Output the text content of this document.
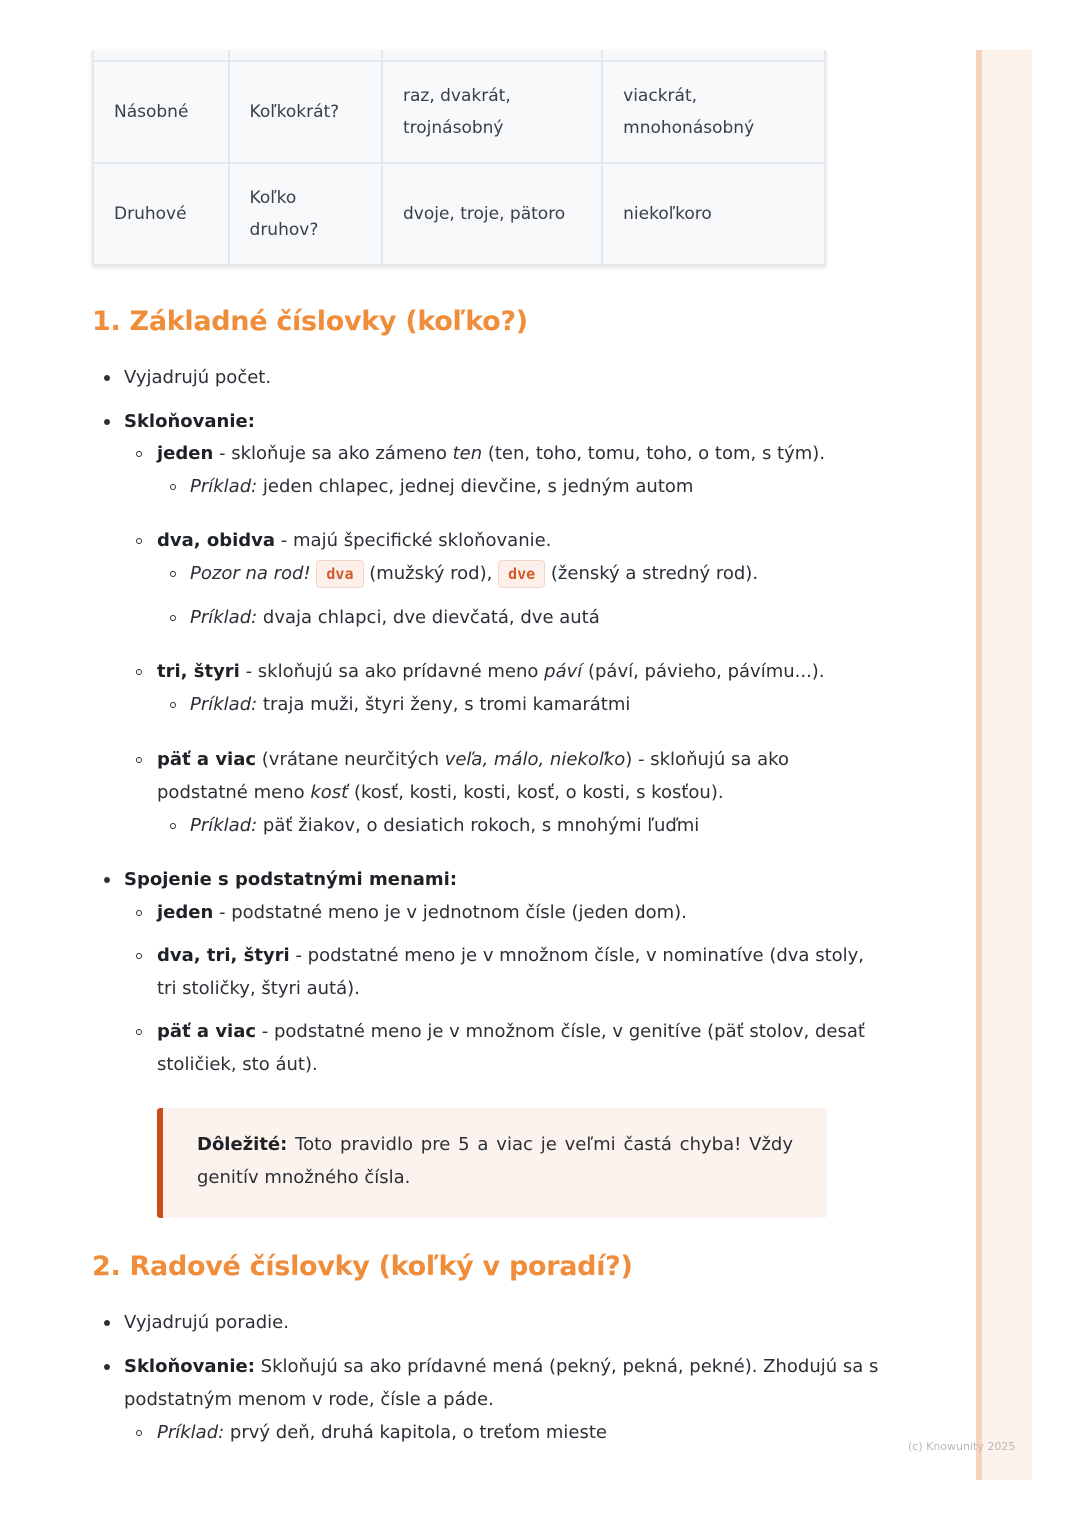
(c) Knowunity 2025

Násobné	Koľkokrát?	raz, dvakrát, trojnásobný	viackrát, mnohonásobný
Druhové	Koľko druhov?	dvoje, troje, pätoro	niekoľkoro
1. Základné číslovky (koľko?)
Vyjadrujú počet.
Skloňovanie:
jeden - skloňuje sa ako zámeno ten (ten, toho, tomu, toho, o tom, s tým).
Príklad: jeden chlapec, jednej dievčine, s jedným autom
dva, obidva - majú špecifické skloňovanie.
Pozor na rod! dva (mužský rod), dve (ženský a stredný rod).
Príklad: dvaja chlapci, dve dievčatá, dve autá
tri, štyri - skloňujú sa ako prídavné meno páví (páví, pávieho, pávímu...).
Príklad: traja muži, štyri ženy, s tromi kamarátmi
päť a viac (vrátane neurčitých veľa, málo, niekoľko) - skloňujú sa ako
podstatné meno kosť (kosť, kosti, kosti, kosť, o kosti, s kosťou).
Príklad: päť žiakov, o desiatich rokoch, s mnohými ľuďmi
Spojenie s podstatnými menami:
jeden - podstatné meno je v jednotnom čísle (jeden dom).
dva, tri, štyri - podstatné meno je v množnom čísle, v nominatíve (dva stoly,
tri stoličky, štyri autá).
päť a viac - podstatné meno je v množnom čísle, v genitíve (päť stolov, desať
stoličiek, sto áut).
Dôležité: Toto pravidlo pre 5 a viac je veľmi častá chyba! Vždy genitív množného čísla.
2. Radové číslovky (koľký v poradí?)
Vyjadrujú poradie.
Skloňovanie: Skloňujú sa ako prídavné mená (pekný, pekná, pekné). Zhodujú sa s
podstatným menom v rode, čísle a páde.
Príklad: prvý deň, druhá kapitola, o treťom mieste
